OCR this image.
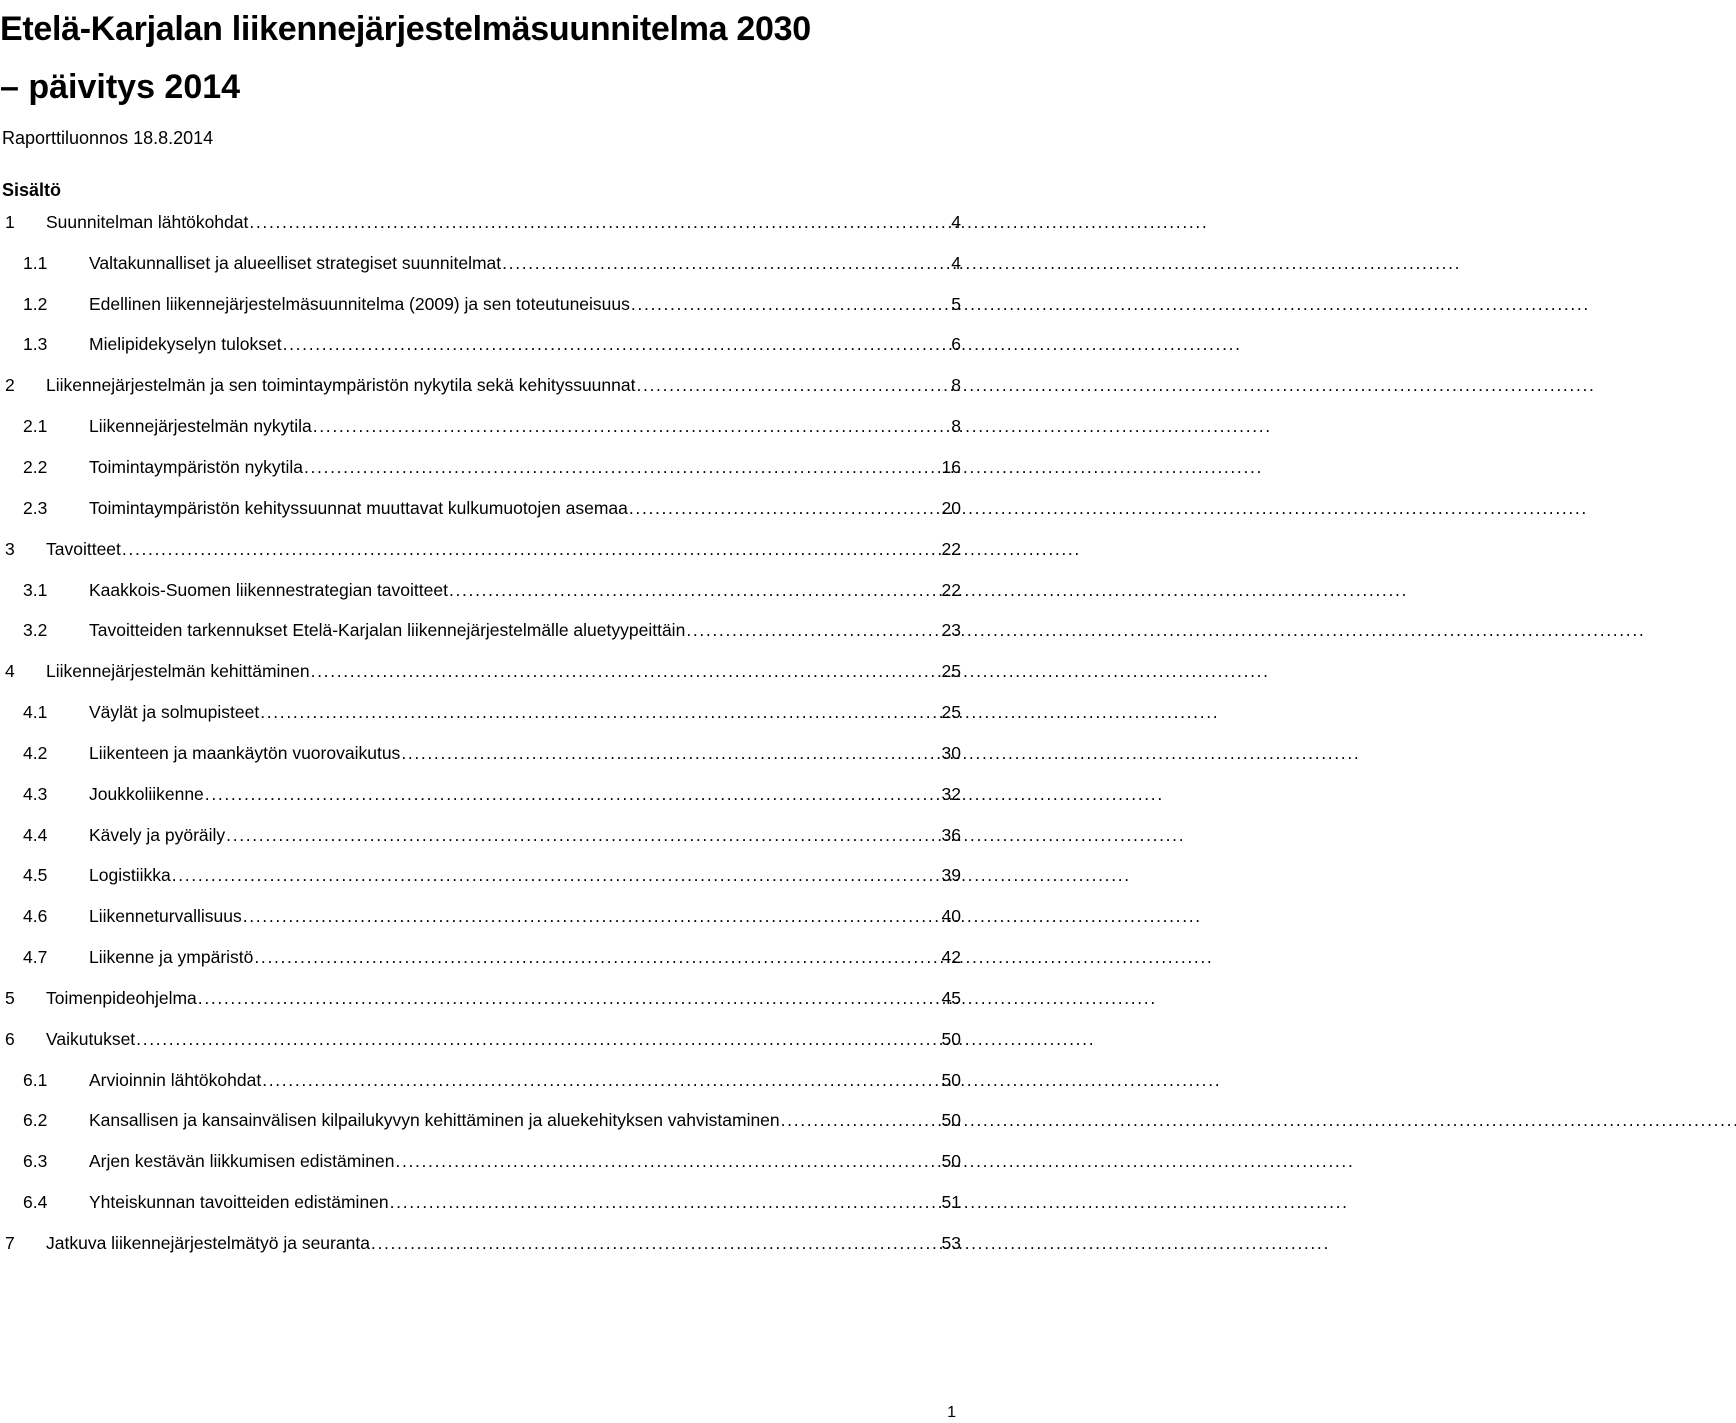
Etelä-Karjalan liikennejärjestelmäsuunnitelma 2030
– päivitys 2014
Raporttiluonnos 18.8.2014
Sisältö
1	Suunnitelman lähtökohdat . . .	4
1.1	Valtakunnalliset ja alueelliset strategiset suunnitelmat . . .	4
1.2	Edellinen liikennejärjestelmäsuunnitelma (2009) ja sen toteutuneisuus . . .	5
1.3	Mielipidekyselyn tulokset . . .	6
2	Liikennejärjestelmän ja sen toimintaympäristön nykytila sekä kehityssuunnat . . .	8
2.1	Liikennejärjestelmän nykytila . . .	8
2.2	Toimintaympäristön nykytila . . .	16
2.3	Toimintaympäristön kehityssuunnat muuttavat kulkumuotojen asemaa . . .	20
3	Tavoitteet . . .	22
3.1	Kaakkois-Suomen liikennestrategian tavoitteet . . .	22
3.2	Tavoitteiden tarkennukset Etelä-Karjalan liikennejärjestelmälle aluetyypeittäin . . .	23
4	Liikennejärjestelmän kehittäminen . . .	25
4.1	Väylät ja solmupisteet . . .	25
4.2	Liikenteen ja maankäytön vuorovaikutus . . .	30
4.3	Joukkoliikenne . . .	32
4.4	Kävely ja pyöräily . . .	36
4.5	Logistiikka . . .	39
4.6	Liikenneturvallisuus . . .	40
4.7	Liikenne ja ympäristö . . .	42
5	Toimenpideohjelma . . .	45
6	Vaikutukset . . .	50
6.1	Arvioinnin lähtökohdat . . .	50
6.2	Kansallisen ja kansainvälisen kilpailukyvyn kehittäminen ja aluekehityksen vahvistaminen . . .	50
6.3	Arjen kestävän liikkumisen edistäminen . . .	50
6.4	Yhteiskunnan tavoitteiden edistäminen . . .	51
7	Jatkuva liikennejärjestelmätyö ja seuranta . . .	53
1
